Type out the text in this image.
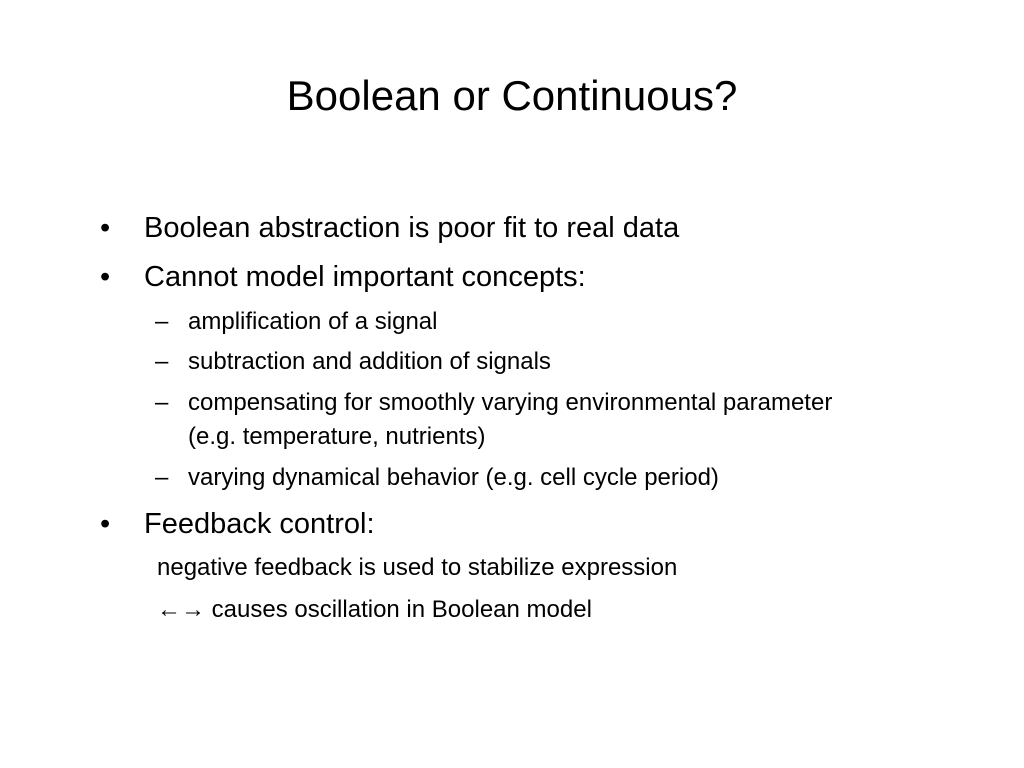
Boolean or Continuous?
• Boolean abstraction is poor fit to real data
• Cannot model important concepts:
– amplification of a signal
– subtraction and addition of signals
– compensating for smoothly varying environmental parameter
(e.g. temperature, nutrients)
– varying dynamical behavior (e.g. cell cycle period)
• Feedback control:
negative feedback is used to stabilize expression
←→ causes oscillation in Boolean model
